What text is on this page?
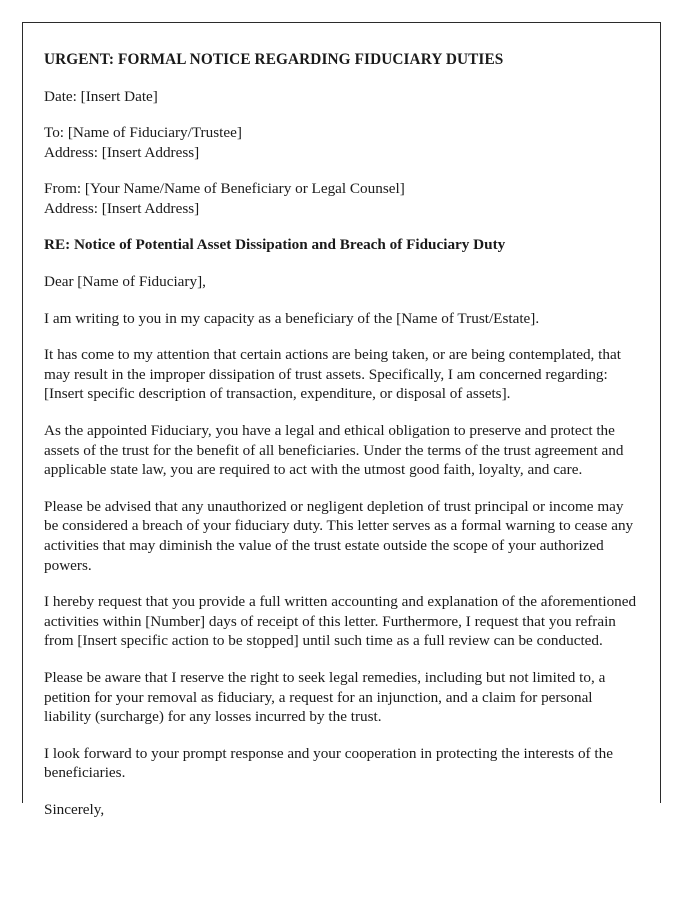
URGENT: FORMAL NOTICE REGARDING FIDUCIARY DUTIES

Date: [Insert Date]

To: [Name of Fiduciary/Trustee]

Address: [Insert Address]

From: [Your Name/Name of Beneficiary or Legal Counsel]

Address: [Insert Address]

RE: Notice of Potential Asset Dissipation and Breach of Fiduciary Duty

Dear [Name of Fiduciary],

I am writing to you in my capacity as a beneficiary of the [Name of Trust/Estate].

It has come to my attention that certain actions are being taken, or are being contemplated, that may result in the improper dissipation of trust assets. Specifically, I am concerned regarding: [Insert specific description of transaction, expenditure, or disposal of assets].

As the appointed Fiduciary, you have a legal and ethical obligation to preserve and protect the assets of the trust for the benefit of all beneficiaries. Under the terms of the trust agreement and applicable state law, you are required to act with the utmost good faith, loyalty, and care.

Please be advised that any unauthorized or negligent depletion of trust principal or income may be considered a breach of your fiduciary duty. This letter serves as a formal warning to cease any activities that may diminish the value of the trust estate outside the scope of your authorized powers.

I hereby request that you provide a full written accounting and explanation of the aforementioned activities within [Number] days of receipt of this letter. Furthermore, I request that you refrain from [Insert specific action to be stopped] until such time as a full review can be conducted.

Please be aware that I reserve the right to seek legal remedies, including but not limited to, a petition for your removal as fiduciary, a request for an injunction, and a claim for personal liability (surcharge) for any losses incurred by the trust.

I look forward to your prompt response and your cooperation in protecting the interests of the beneficiaries.

Sincerely,
